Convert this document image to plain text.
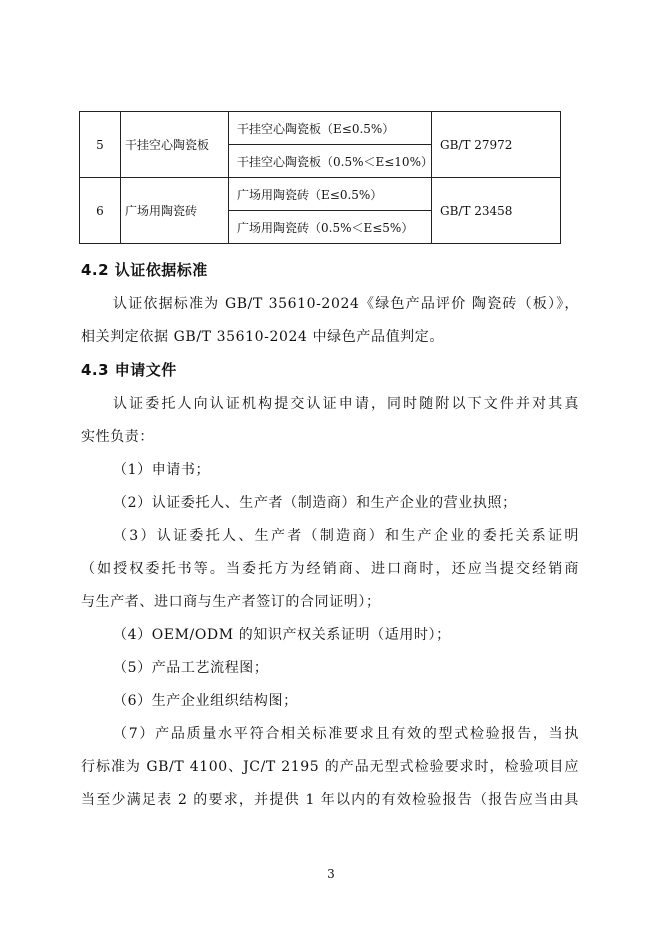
5	干挂空心陶瓷板	干挂空心陶瓷板（E≤0.5%）	GB/T 27972
		干挂空心陶瓷板（0.5%＜E≤10%）	
6	广场用陶瓷砖	广场用陶瓷砖（E≤0.5%）	GB/T 23458
		广场用陶瓷砖（0.5%＜E≤5%）	
4.2 认证依据标准

认证依据标准为 GB/T 35610-2024《绿色产品评价 陶瓷砖（板）》，

相关判定依据 GB/T 35610-2024 中绿色产品值判定。

4.3 申请文件

认证委托人向认证机构提交认证申请，同时随附以下文件并对其真

实性负责：

（1）申请书；

（2）认证委托人、生产者（制造商）和生产企业的营业执照；

（3）认证委托人、生产者（制造商）和生产企业的委托关系证明

（如授权委托书等。当委托方为经销商、进口商时，还应当提交经销商

与生产者、进口商与生产者签订的合同证明）；

（4）OEM/ODM 的知识产权关系证明（适用时）；

（5）产品工艺流程图；

（6）生产企业组织结构图；

（7）产品质量水平符合相关标准要求且有效的型式检验报告，当执

行标准为 GB/T 4100、JC/T 2195 的产品无型式检验要求时，检验项目应

当至少满足表 2 的要求，并提供 1 年以内的有效检验报告（报告应当由具

3
